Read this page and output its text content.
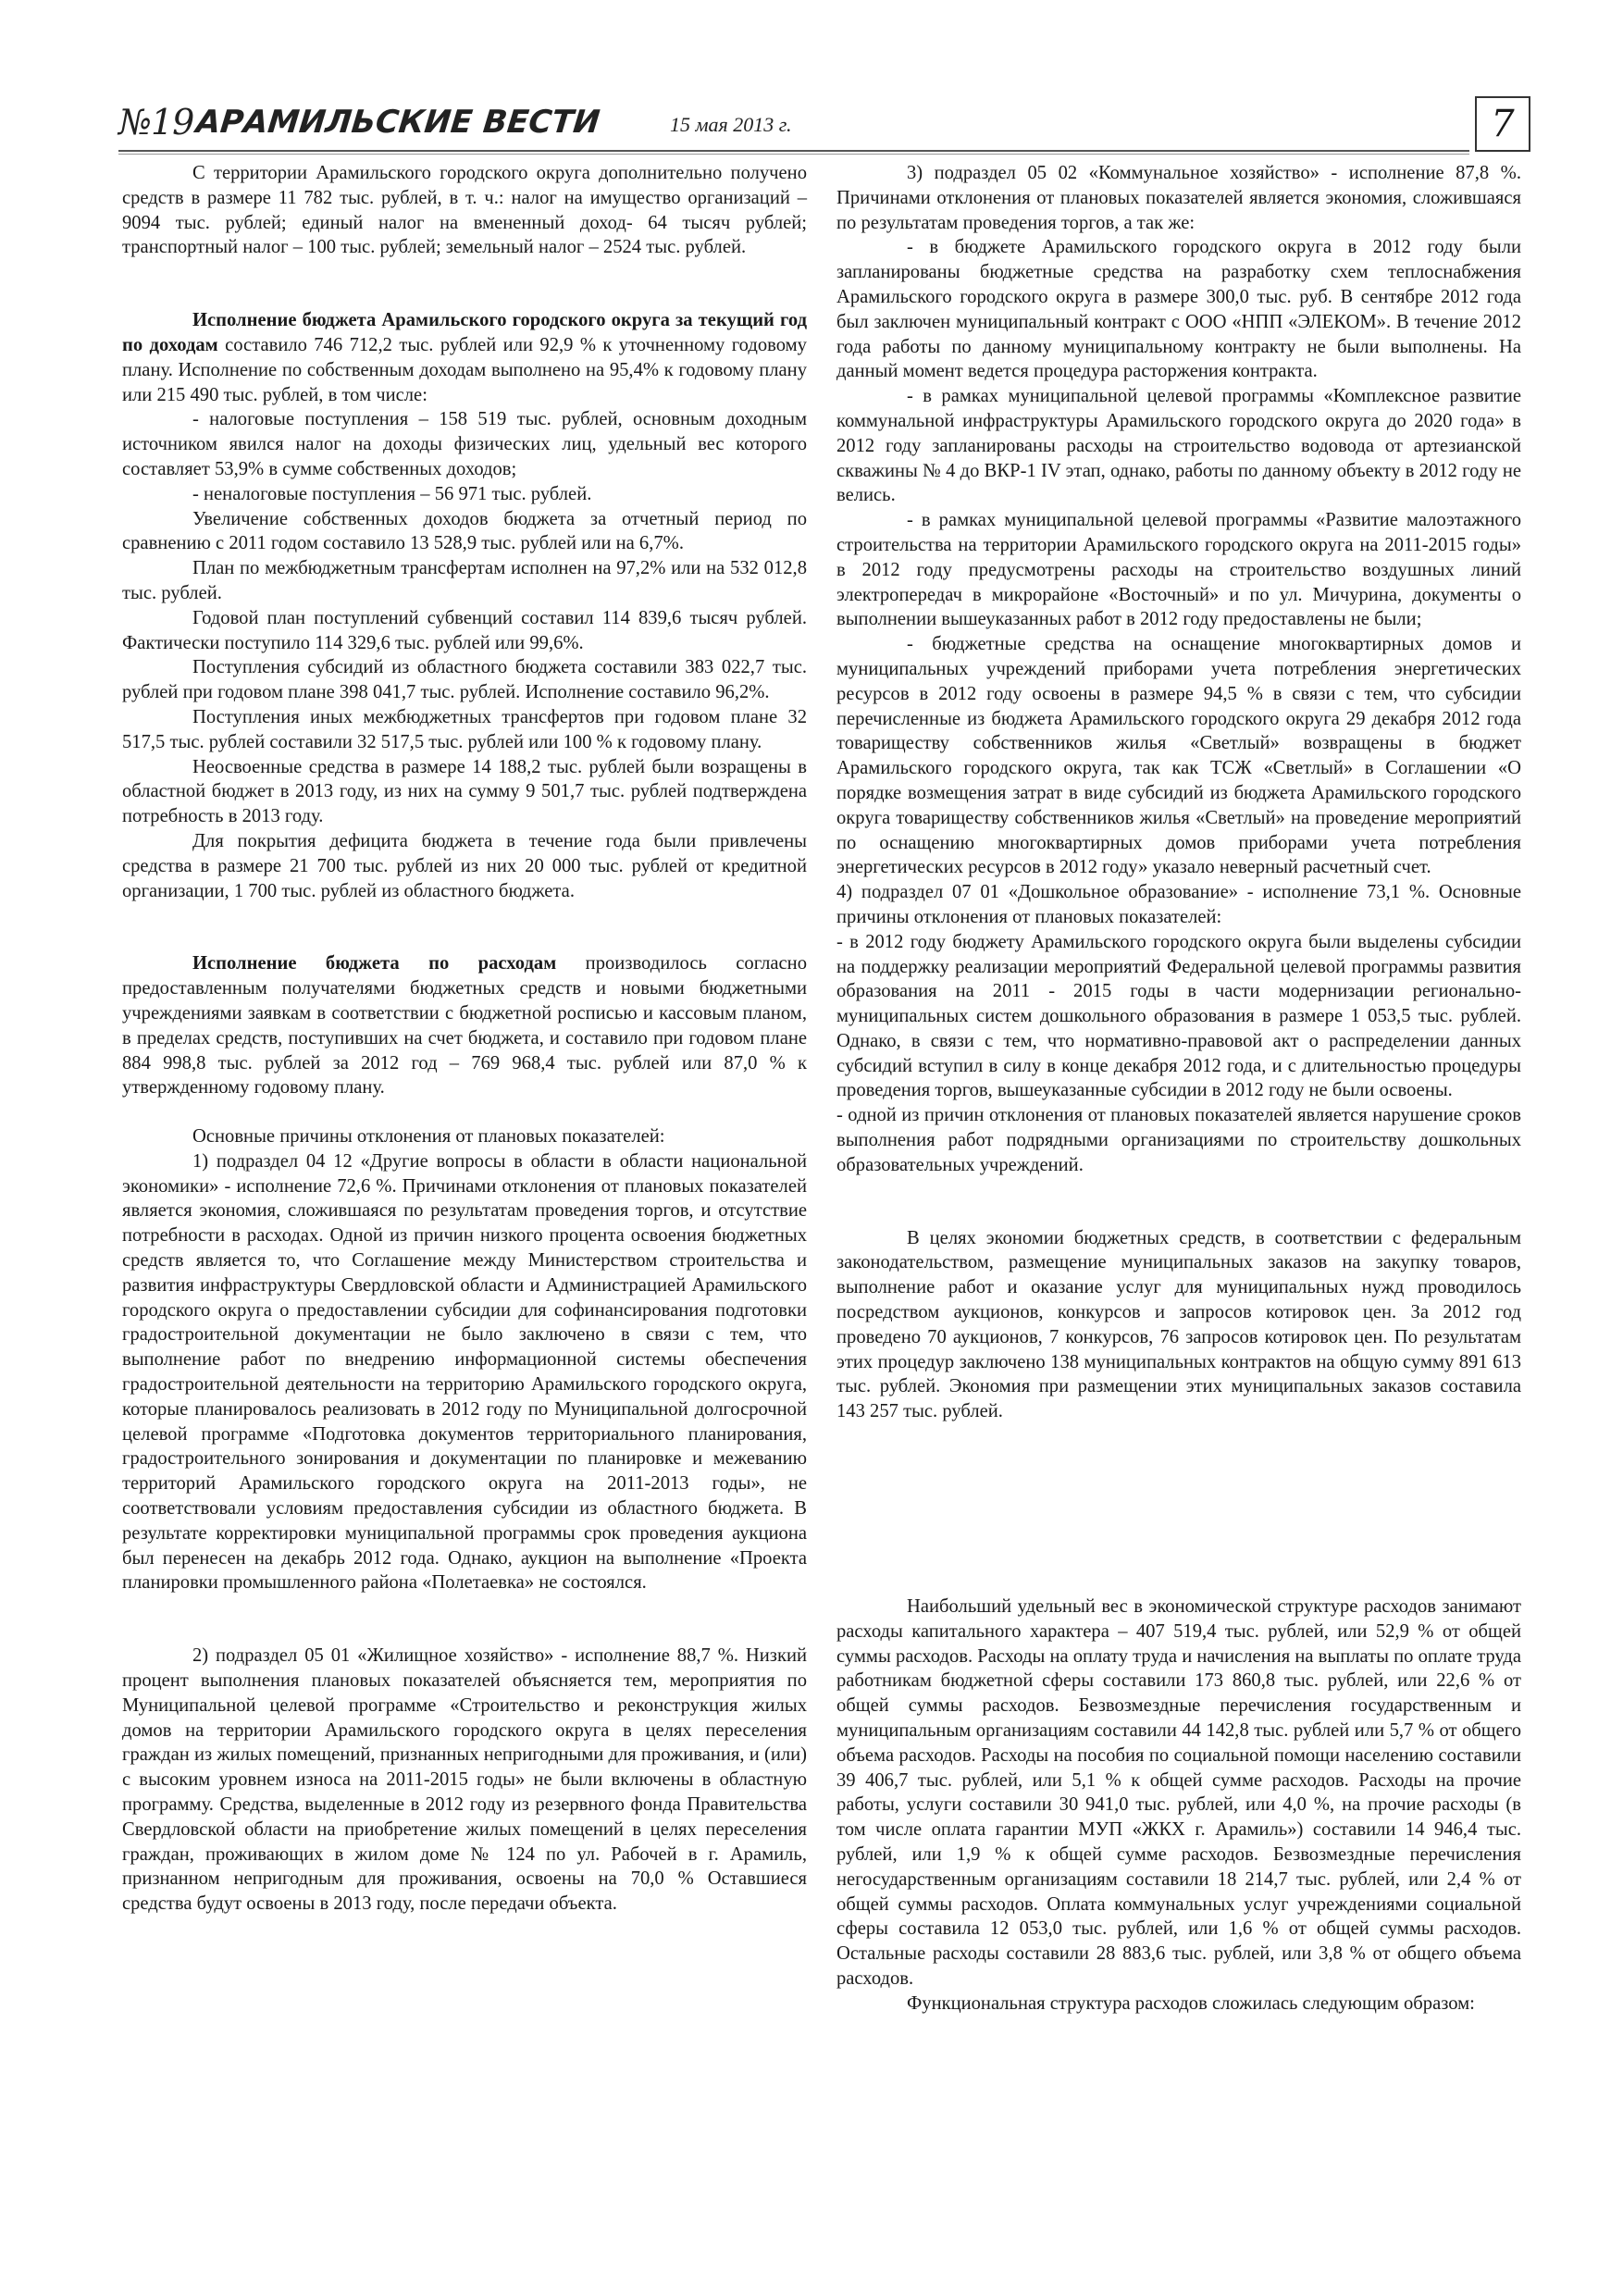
№19 АРАМИЛЬСКИЕ ВЕСТИ	15 мая 2013 г.	7

С территории Арамильского городского округа дополнительно получено средств в размере 11 782 тыс. рублей, в т. ч.: налог на имущество организаций – 9094 тыс. рублей; единый налог на вмененный доход- 64 тысяч рублей; транспортный налог – 100 тыс. рублей; земельный налог – 2524 тыс. рублей.

Исполнение бюджета Арамильского городского округа за текущий год по доходам составило 746 712,2 тыс. рублей или 92,9 % к уточненному годовому плану. Исполнение по собственным доходам выполнено на 95,4% к годовому плану или 215 490 тыс. рублей, в том числе:

- налоговые поступления – 158 519 тыс. рублей, основным доходным источником явился налог на доходы физических лиц, удельный вес которого составляет 53,9% в сумме собственных доходов;

- неналоговые поступления – 56 971 тыс. рублей.

Увеличение собственных доходов бюджета за отчетный период по сравнению с 2011 годом составило 13 528,9 тыс. рублей или на 6,7%.

План по межбюджетным трансфертам исполнен на 97,2% или на 532 012,8 тыс. рублей.

Годовой план поступлений субвенций составил 114 839,6 тысяч рублей. Фактически поступило 114 329,6 тыс. рублей или 99,6%.

Поступления субсидий из областного бюджета составили 383 022,7 тыс. рублей при годовом плане 398 041,7 тыс. рублей. Исполнение составило 96,2%.

Поступления иных межбюджетных трансфертов при годовом плане 32 517,5 тыс. рублей составили 32 517,5 тыс. рублей или 100 % к годовому плану.

Неосвоенные средства в размере 14 188,2 тыс. рублей были возращены в областной бюджет в 2013 году, из них на сумму 9 501,7 тыс. рублей подтверждена потребность в 2013 году.

Для покрытия дефицита бюджета в течение года были привлечены средства в размере 21 700 тыс. рублей из них 20 000 тыс. рублей от кредитной организации, 1 700 тыс. рублей из областного бюджета.

Исполнение бюджета по расходам производилось согласно предоставленным получателями бюджетных средств и новыми бюджетными учреждениями заявкам в соответствии с бюджетной росписью и кассовым планом, в пределах средств, поступивших на счет бюджета, и составило при годовом плане 884 998,8 тыс. рублей за 2012 год – 769 968,4 тыс. рублей или 87,0 % к утвержденному годовому плану.

Основные причины отклонения от плановых показателей:

1) подраздел 04 12 «Другие вопросы в области в области национальной экономики» - исполнение 72,6 %. Причинами отклонения от плановых показателей является экономия, сложившаяся по результатам проведения торгов, и отсутствие потребности в расходах. Одной из причин низкого процента освоения бюджетных средств является то, что Соглашение между Министерством строительства и развития инфраструктуры Свердловской области и Администрацией Арамильского городского округа о предоставлении субсидии для софинансирования подготовки градостроительной документации не было заключено в связи с тем, что выполнение работ по внедрению информационной системы обеспечения градостроительной деятельности на территорию Арамильского городского округа, которые планировалось реализовать в 2012 году по Муниципальной долгосрочной целевой программе «Подготовка документов территориального планирования, градостроительного зонирования и документации по планировке и межеванию территорий Арамильского городского округа на 2011-2013 годы», не соответствовали условиям предоставления субсидии из областного бюджета. В результате корректировки муниципальной программы срок проведения аукциона был перенесен на декабрь 2012 года. Однако, аукцион на выполнение «Проекта планировки промышленного района «Полетаевка» не состоялся.

2) подраздел 05 01 «Жилищное хозяйство» - исполнение 88,7 %. Низкий процент выполнения плановых показателей объясняется тем, мероприятия по Муниципальной целевой программе «Строительство и реконструкция жилых домов на территории Арамильского городского округа в целях переселения граждан из жилых помещений, признанных непригодными для проживания, и (или) с высоким уровнем износа на 2011-2015 годы» не были включены в областную программу. Средства, выделенные в 2012 году из резервного фонда Правительства Свердловской области на приобретение жилых помещений в целях переселения граждан, проживающих в жилом доме № 124 по ул. Рабочей в г. Арамиль, признанном непригодным для проживания, освоены на 70,0 % Оставшиеся средства будут освоены в 2013 году, после передачи объекта.

3) подраздел 05 02 «Коммунальное хозяйство» - исполнение 87,8 %. Причинами отклонения от плановых показателей является экономия, сложившаяся по результатам проведения торгов, а так же:

- в бюджете Арамильского городского округа в 2012 году были запланированы бюджетные средства на разработку схем теплоснабжения Арамильского городского округа в размере 300,0 тыс. руб. В сентябре 2012 года был заключен муниципальный контракт с ООО «НПП «ЭЛЕКОМ». В течение 2012 года работы по данному муниципальному контракту не были выполнены. На данный момент ведется процедура расторжения контракта.

- в рамках муниципальной целевой программы «Комплексное развитие коммунальной инфраструктуры Арамильского городского округа до 2020 года» в 2012 году запланированы расходы на строительство водовода от артезианской скважины № 4 до ВКР-1 IV этап, однако, работы по данному объекту в 2012 году не велись.

- в рамках муниципальной целевой программы «Развитие малоэтажного строительства на территории Арамильского городского округа на 2011-2015 годы» в 2012 году предусмотрены расходы на строительство воздушных линий электропередач в микрорайоне «Восточный» и по ул. Мичурина, документы о выполнении вышеуказанных работ в 2012 году предоставлены не были;

- бюджетные средства на оснащение многоквартирных домов и муниципальных учреждений приборами учета потребления энергетических ресурсов в 2012 году освоены в размере 94,5 % в связи с тем, что субсидии перечисленные из бюджета Арамильского городского округа 29 декабря 2012 года товариществу собственников жилья «Светлый» возвращены в бюджет Арамильского городского округа, так как ТСЖ «Светлый» в Соглашении «О порядке возмещения затрат в виде субсидий из бюджета Арамильского городского округа товариществу собственников жилья «Светлый» на проведение мероприятий по оснащению многоквартирных домов приборами учета потребления энергетических ресурсов в 2012 году» указало неверный расчетный счет.

4) подраздел 07 01 «Дошкольное образование» - исполнение 73,1 %. Основные причины отклонения от плановых показателей:

- в 2012 году бюджету Арамильского городского округа были выделены субсидии на поддержку реализации мероприятий Федеральной целевой программы развития образования на 2011 - 2015 годы в части модернизации регионально-муниципальных систем дошкольного образования в размере 1 053,5 тыс. рублей. Однако, в связи с тем, что нормативно-правовой акт о распределении данных субсидий вступил в силу в конце декабря 2012 года, и с длительностью процедуры проведения торгов, вышеуказанные субсидии в 2012 году не были освоены.

- одной из причин отклонения от плановых показателей является нарушение сроков выполнения работ подрядными организациями по строительству дошкольных образовательных учреждений.

В целях экономии бюджетных средств, в соответствии с федеральным законодательством, размещение муниципальных заказов на закупку товаров, выполнение работ и оказание услуг для муниципальных нужд проводилось посредством аукционов, конкурсов и запросов котировок цен. За 2012 год проведено 70 аукционов, 7 конкурсов, 76 запросов котировок цен. По результатам этих процедур заключено 138 муниципальных контрактов на общую сумму 891 613 тыс. рублей. Экономия при размещении этих муниципальных заказов составила 143 257 тыс. рублей.

Наибольший удельный вес в экономической структуре расходов занимают расходы капитального характера – 407 519,4 тыс. рублей, или 52,9 % от общей суммы расходов. Расходы на оплату труда и начисления на выплаты по оплате труда работникам бюджетной сферы составили 173 860,8 тыс. рублей, или 22,6 % от общей суммы расходов. Безвозмездные перечисления государственным и муниципальным организациям составили 44 142,8 тыс. рублей или 5,7 % от общего объема расходов. Расходы на пособия по социальной помощи населению составили 39 406,7 тыс. рублей, или 5,1 % к общей сумме расходов. Расходы на прочие работы, услуги составили 30 941,0 тыс. рублей, или 4,0 %, на прочие расходы (в том числе оплата гарантии МУП «ЖКХ г. Арамиль») составили 14 946,4 тыс. рублей, или 1,9 % к общей сумме расходов. Безвозмездные перечисления негосударственным организациям составили 18 214,7 тыс. рублей, или 2,4 % от общей суммы расходов. Оплата коммунальных услуг учреждениями социальной сферы составила 12 053,0 тыс. рублей, или 1,6 % от общей суммы расходов. Остальные расходы составили 28 883,6 тыс. рублей, или 3,8 % от общего объема расходов.

Функциональная структура расходов сложилась следующим образом:
